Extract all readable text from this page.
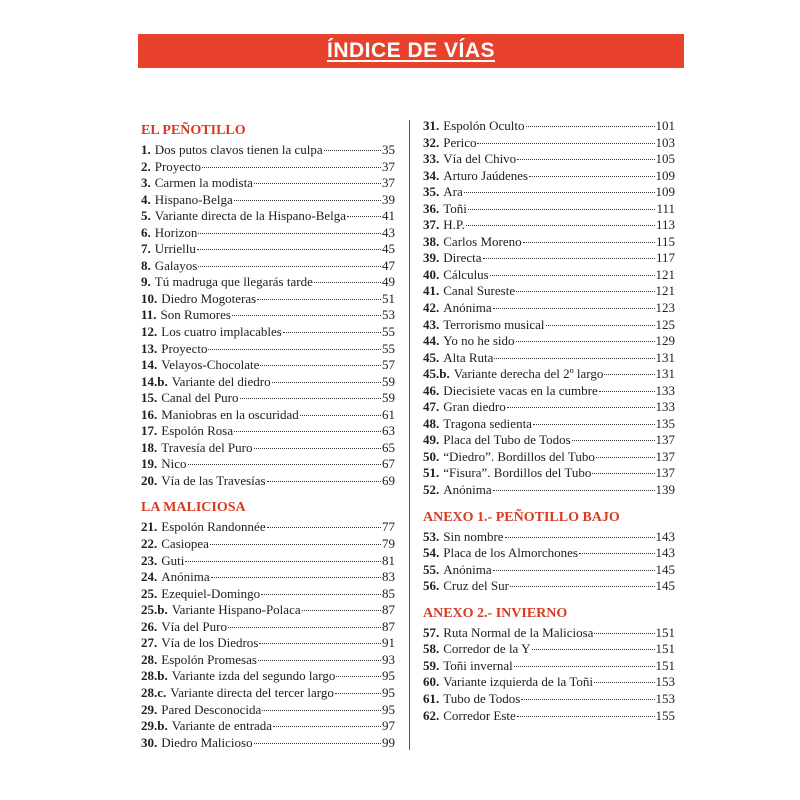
ÍNDICE DE VÍAS
EL PEÑOTILLO
1. Dos putos clavos tienen la culpa	35
2. Proyecto	37
3. Carmen la modista	37
4. Hispano-Belga	39
5. Variante directa de la Hispano-Belga	41
6. Horizon	43
7. Urriellu	45
8. Galayos	47
9. Tú madruga que llegarás tarde	49
10. Diedro Mogoteras	51
11. Son Rumores	53
12. Los cuatro implacables	55
13. Proyecto	55
14. Velayos-Chocolate	57
14.b. Variante del diedro	59
15. Canal del Puro	59
16. Maniobras en la oscuridad	61
17. Espolón Rosa	63
18. Travesía del Puro	65
19. Nico	67
20. Vía de las Travesías	69
LA MALICIOSA
21. Espolón Randonnée	77
22. Casiopea	79
23. Guti	81
24. Anónima	83
25. Ezequiel-Domingo	85
25.b. Variante Hispano-Polaca	87
26. Vía del Puro	87
27. Vía de los Diedros	91
28. Espolón Promesas	93
28.b. Variante izda del segundo largo	95
28.c. Variante directa del tercer largo	95
29. Pared Desconocida	95
29.b. Variante de entrada	97
30. Diedro Malicioso	99
31. Espolón Oculto	101
32. Perico	103
33. Vía del Chivo	105
34. Arturo Jaúdenes	109
35. Ara	109
36. Toñi	111
37. H.P.	113
38. Carlos Moreno	115
39. Directa	117
40. Cálculus	121
41. Canal Sureste	121
42. Anónima	123
43. Terrorismo musical	125
44. Yo no he sido	129
45. Alta Ruta	131
45.b. Variante derecha del 2º largo	131
46. Diecisiete vacas en la cumbre	133
47. Gran diedro	133
48. Tragona sedienta	135
49. Placa del Tubo de Todos	137
50. “Diedro”. Bordillos del Tubo	137
51. “Fisura”. Bordillos del Tubo	137
52. Anónima	139
ANEXO 1.- PEÑOTILLO BAJO
53. Sin nombre	143
54. Placa de los Almorchones	143
55. Anónima	145
56. Cruz del Sur	145
ANEXO 2.- INVIERNO
57. Ruta Normal de la Maliciosa	151
58. Corredor de la Y	151
59. Toñi invernal	151
60. Variante izquierda de la Toñi	153
61. Tubo de Todos	153
62. Corredor Este	155
